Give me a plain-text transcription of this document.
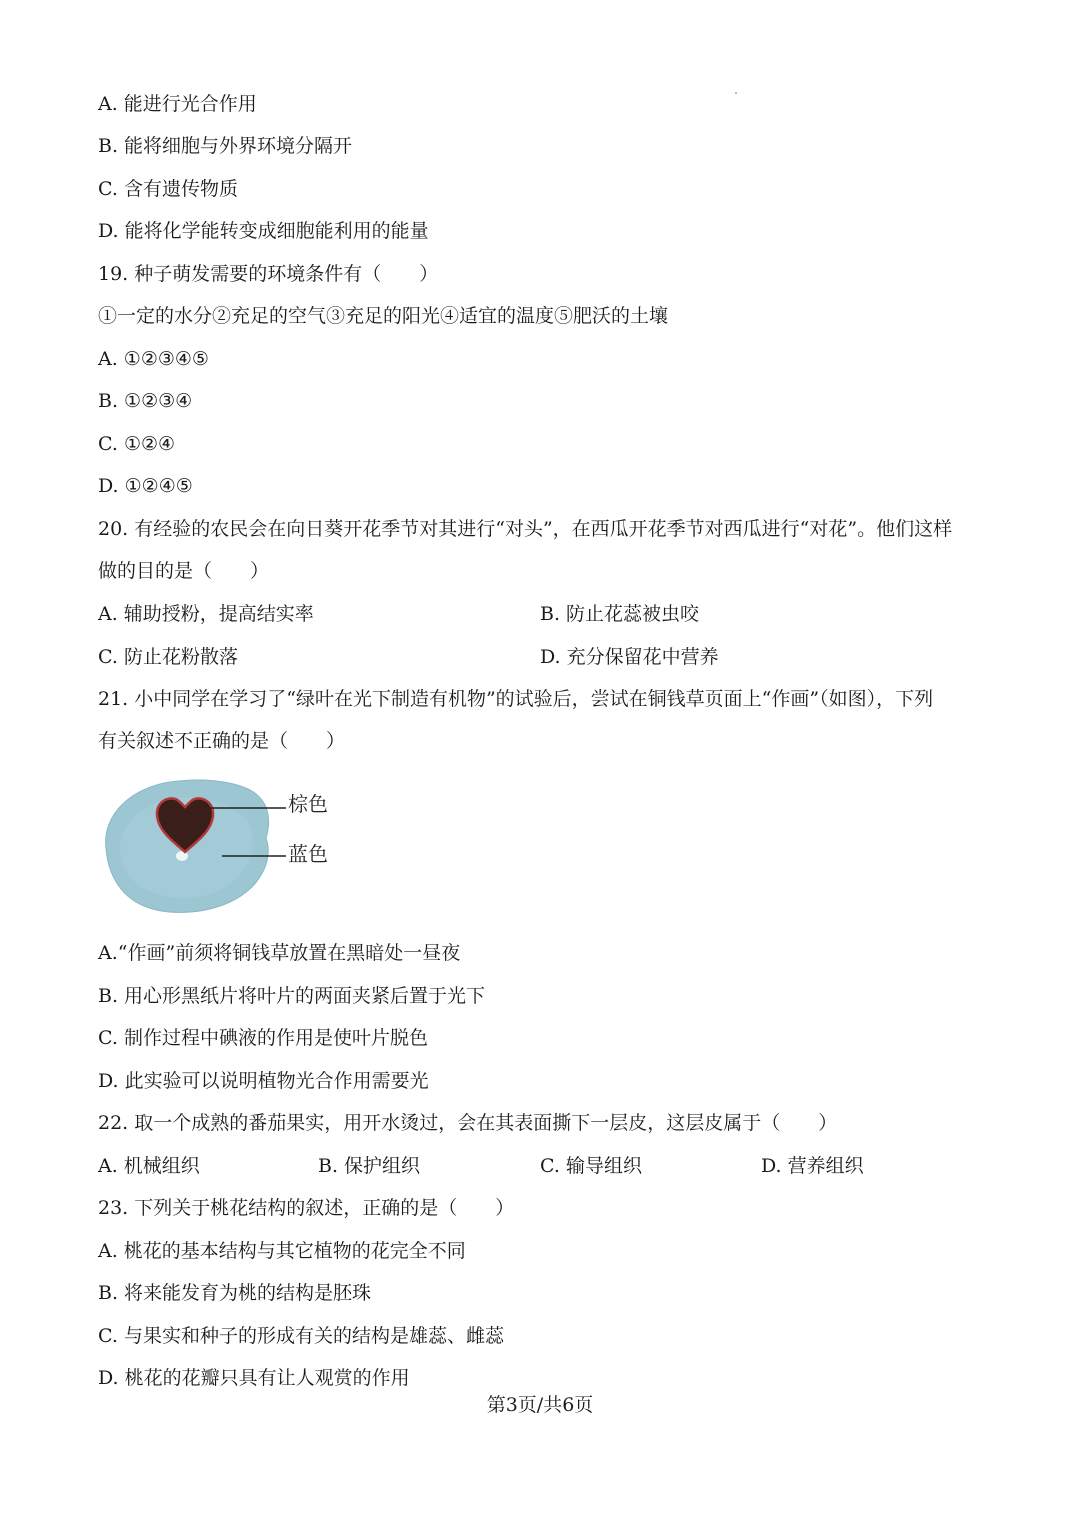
A. 能进行光合作用
B. 能将细胞与外界环境分隔开
C. 含有遗传物质
D. 能将化学能转变成细胞能利用的能量
19. 种子萌发需要的环境条件有（　　）
①一定的水分②充足的空气③充足的阳光④适宜的温度⑤肥沃的土壤
A. ①②③④⑤
B. ①②③④
C. ①②④
D. ①②④⑤
20. 有经验的农民会在向日葵开花季节对其进行“对头”，在西瓜开花季节对西瓜进行“对花”。他们这样
做的目的是（　　）
A. 辅助授粉，提高结实率	B. 防止花蕊被虫咬
C. 防止花粉散落	D. 充分保留花中营养
21. 小中同学在学习了“绿叶在光下制造有机物”的试验后，尝试在铜钱草页面上“作画”（如图），下列
有关叙述不正确的是（　　）
棕色
蓝色
A.“作画”前须将铜钱草放置在黑暗处一昼夜
B. 用心形黑纸片将叶片的两面夹紧后置于光下
C. 制作过程中碘液的作用是使叶片脱色
D. 此实验可以说明植物光合作用需要光
22. 取一个成熟的番茄果实，用开水烫过，会在其表面撕下一层皮，这层皮属于（　　）
A. 机械组织	B. 保护组织	C. 输导组织	D. 营养组织
23. 下列关于桃花结构的叙述，正确的是（　　）
A. 桃花的基本结构与其它植物的花完全不同
B. 将来能发育为桃的结构是胚珠
C. 与果实和种子的形成有关的结构是雄蕊、雌蕊
D. 桃花的花瓣只具有让人观赏的作用
第3页/共6页
